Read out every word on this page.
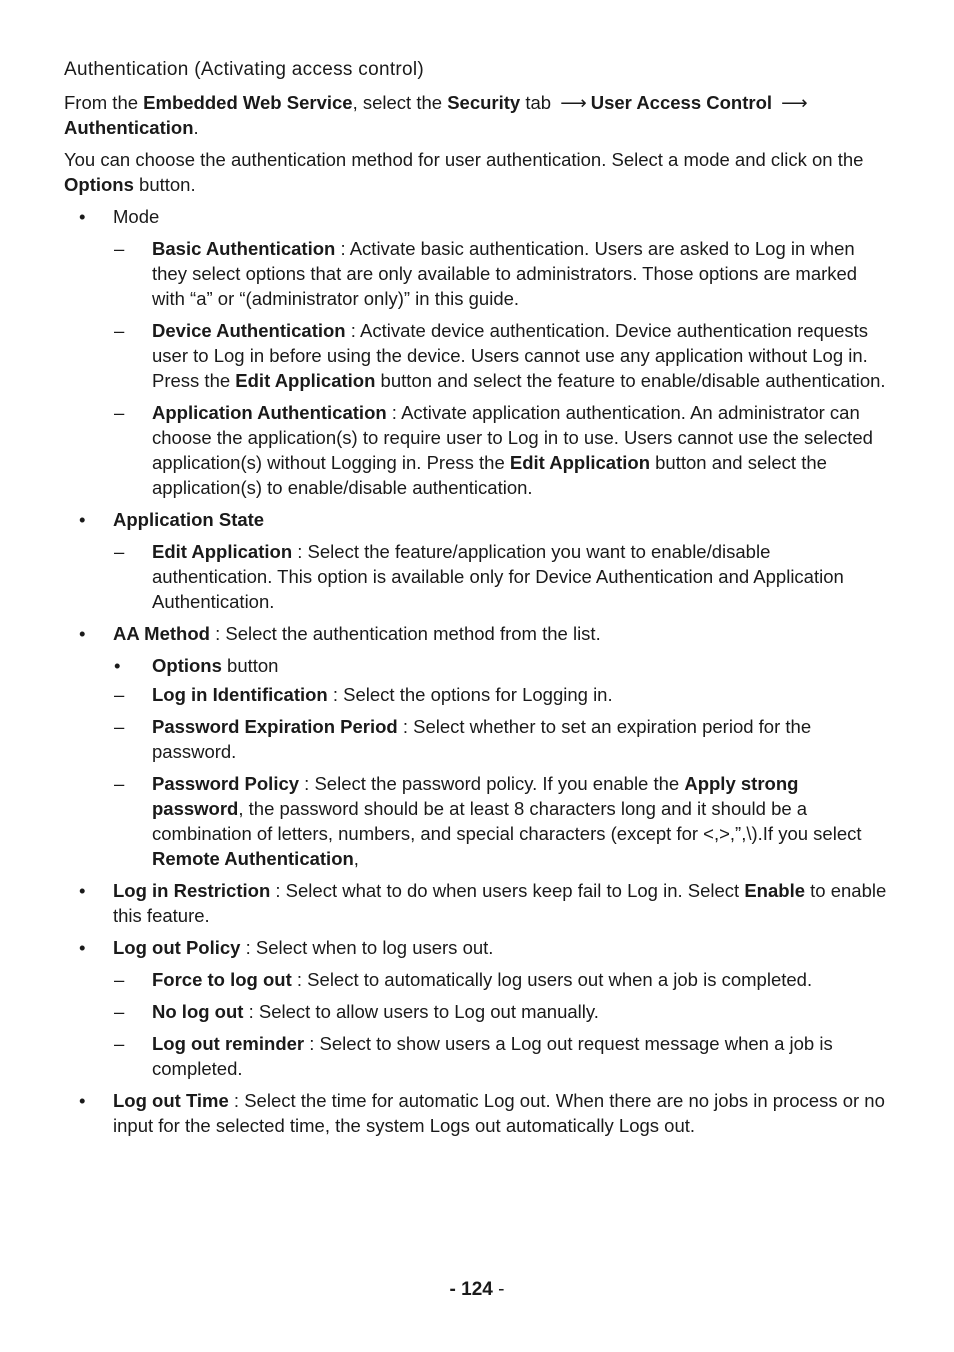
Authentication (Activating access control)

From the Embedded Web Service, select the Security tab ⟶ User Access Control ⟶
Authentication.

You can choose the authentication method for user authentication. Select a mode and click on the Options button.

• Mode
– Basic Authentication : Activate basic authentication. Users are asked to Log in when they select options that are only available to administrators. Those options are marked with “a” or “(administrator only)” in this guide.
– Device Authentication : Activate device authentication. Device authentication requests user to Log in before using the device. Users cannot use any application without Log in. Press the Edit Application button and select the feature to enable/disable authentication.
– Application Authentication : Activate application authentication. An administrator can choose the application(s) to require user to Log in to use. Users cannot use the selected application(s) without Logging in. Press the Edit Application button and select the application(s) to enable/disable authentication.
• Application State
– Edit Application : Select the feature/application you want to enable/disable authentication. This option is available only for Device Authentication and Application Authentication.
• AA Method : Select the authentication method from the list.
• Options button
– Log in Identification : Select the options for Logging in.
– Password Expiration Period : Select whether to set an expiration period for the password.
– Password Policy : Select the password policy. If you enable the Apply strong password, the password should be at least 8 characters long and it should be a combination of letters, numbers, and special characters (except for <,>,”,\).If you select Remote Authentication,
• Log in Restriction : Select what to do when users keep fail to Log in. Select Enable to enable this feature.
• Log out Policy : Select when to log users out.
– Force to log out : Select to automatically log users out when a job is completed.
– No log out : Select to allow users to Log out manually.
– Log out reminder : Select to show users a Log out request message when a job is completed.
• Log out Time : Select the time for automatic Log out. When there are no jobs in process or no input for the selected time, the system Logs out automatically Logs out.
- 124 -
